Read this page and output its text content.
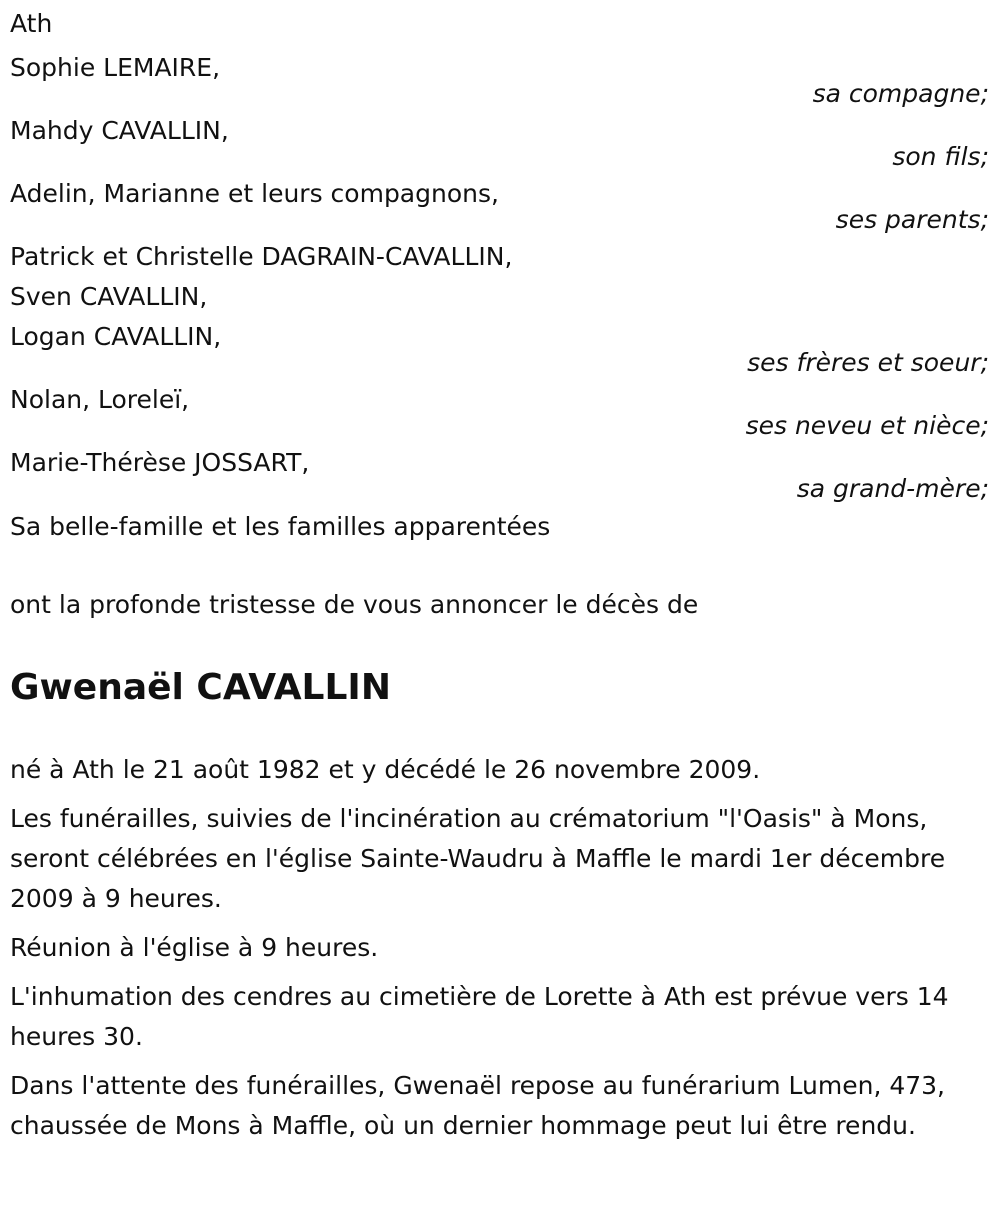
Ath

Sophie LEMAIRE,

sa compagne;

Mahdy CAVALLIN,

son fils;

Adelin, Marianne et leurs compagnons,

ses parents;

Patrick et Christelle DAGRAIN-CAVALLIN,

Sven CAVALLIN,

Logan CAVALLIN,

ses frères et soeur;

Nolan, Loreleï,

ses neveu et nièce;

Marie-Thérèse JOSSART,

sa grand-mère;

Sa belle-famille et les familles apparentées

ont la profonde tristesse de vous annoncer le décès de

Gwenaël CAVALLIN

né à Ath le 21 août 1982 et y décédé le 26 novembre 2009.

Les funérailles, suivies de l'incinération au crématorium "l'Oasis" à Mons, seront célébrées en l'église Sainte-Waudru à Maffle le mardi 1er décembre 2009 à 9 heures.

Réunion à l'église à 9 heures.

L'inhumation des cendres au cimetière de Lorette à Ath est prévue vers 14 heures 30.

Dans l'attente des funérailles, Gwenaël repose au funérarium Lumen, 473, chaussée de Mons à Maffle, où un dernier hommage peut lui être rendu.
